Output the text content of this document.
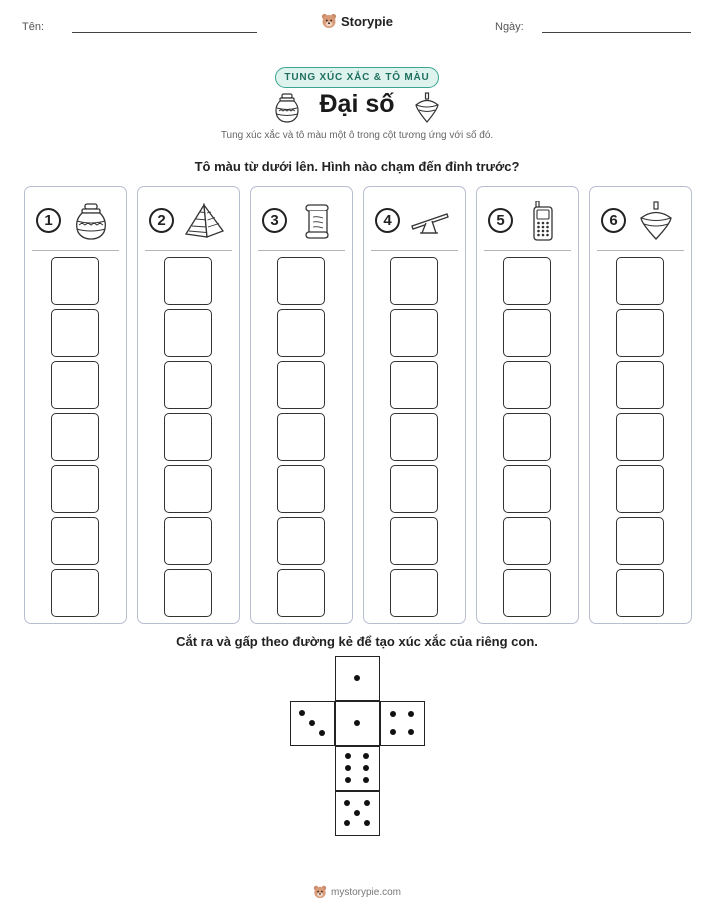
Tên:	Storypie	Ngày:
TUNG XÚC XẮC & TÔ MÀU
Đại số
Tung xúc xắc và tô màu một ô trong cột tương ứng với số đó.
Tô màu từ dưới lên. Hình nào chạm đến đỉnh trước?
1	2	3	4	5	6
Cắt ra và gấp theo đường kẻ để tạo xúc xắc của riêng con.
mystorypie.com
